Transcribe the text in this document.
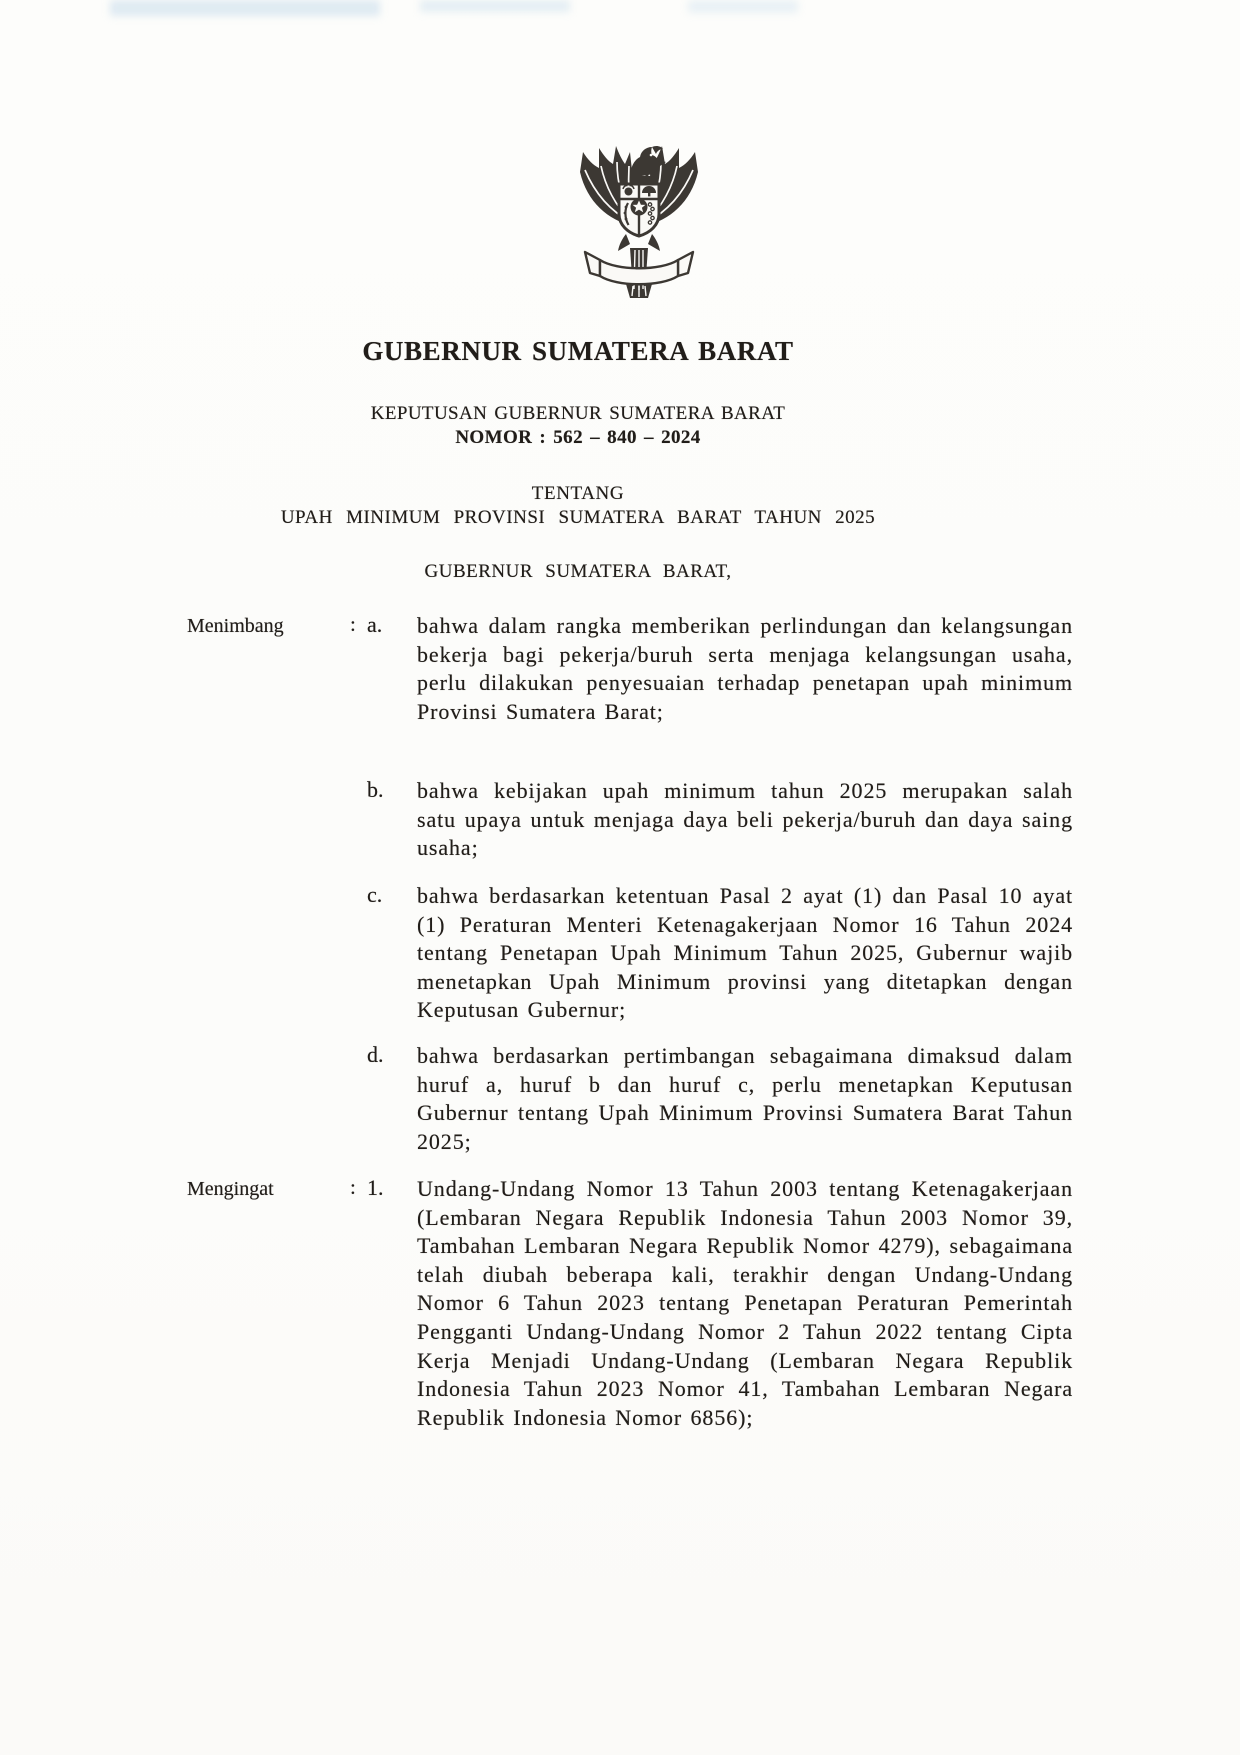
GUBERNUR SUMATERA BARAT
KEPUTUSAN GUBERNUR SUMATERA BARAT
NOMOR : 562 – 840 – 2024
TENTANG
UPAH MINIMUM PROVINSI SUMATERA BARAT TAHUN 2025
GUBERNUR SUMATERA BARAT,
Menimbang	: a. bahwa dalam rangka memberikan perlindungan dan kelangsungan bekerja bagi pekerja/buruh serta menjaga kelangsungan usaha, perlu dilakukan penyesuaian terhadap penetapan upah minimum Provinsi Sumatera Barat;
b. bahwa kebijakan upah minimum tahun 2025 merupakan salah satu upaya untuk menjaga daya beli pekerja/buruh dan daya saing usaha;
c. bahwa berdasarkan ketentuan Pasal 2 ayat (1) dan Pasal 10 ayat (1) Peraturan Menteri Ketenagakerjaan Nomor 16 Tahun 2024 tentang Penetapan Upah Minimum Tahun 2025, Gubernur wajib menetapkan Upah Minimum provinsi yang ditetapkan dengan Keputusan Gubernur;
d. bahwa berdasarkan pertimbangan sebagaimana dimaksud dalam huruf a, huruf b dan huruf c, perlu menetapkan Keputusan Gubernur tentang Upah Minimum Provinsi Sumatera Barat Tahun 2025;
Mengingat	: 1. Undang-Undang Nomor 13 Tahun 2003 tentang Ketenagakerjaan (Lembaran Negara Republik Indonesia Tahun 2003 Nomor 39, Tambahan Lembaran Negara Republik Nomor 4279), sebagaimana telah diubah beberapa kali, terakhir dengan Undang-Undang Nomor 6 Tahun 2023 tentang Penetapan Peraturan Pemerintah Pengganti Undang-Undang Nomor 2 Tahun 2022 tentang Cipta Kerja Menjadi Undang-Undang (Lembaran Negara Republik Indonesia Tahun 2023 Nomor 41, Tambahan Lembaran Negara Republik Indonesia Nomor 6856);
